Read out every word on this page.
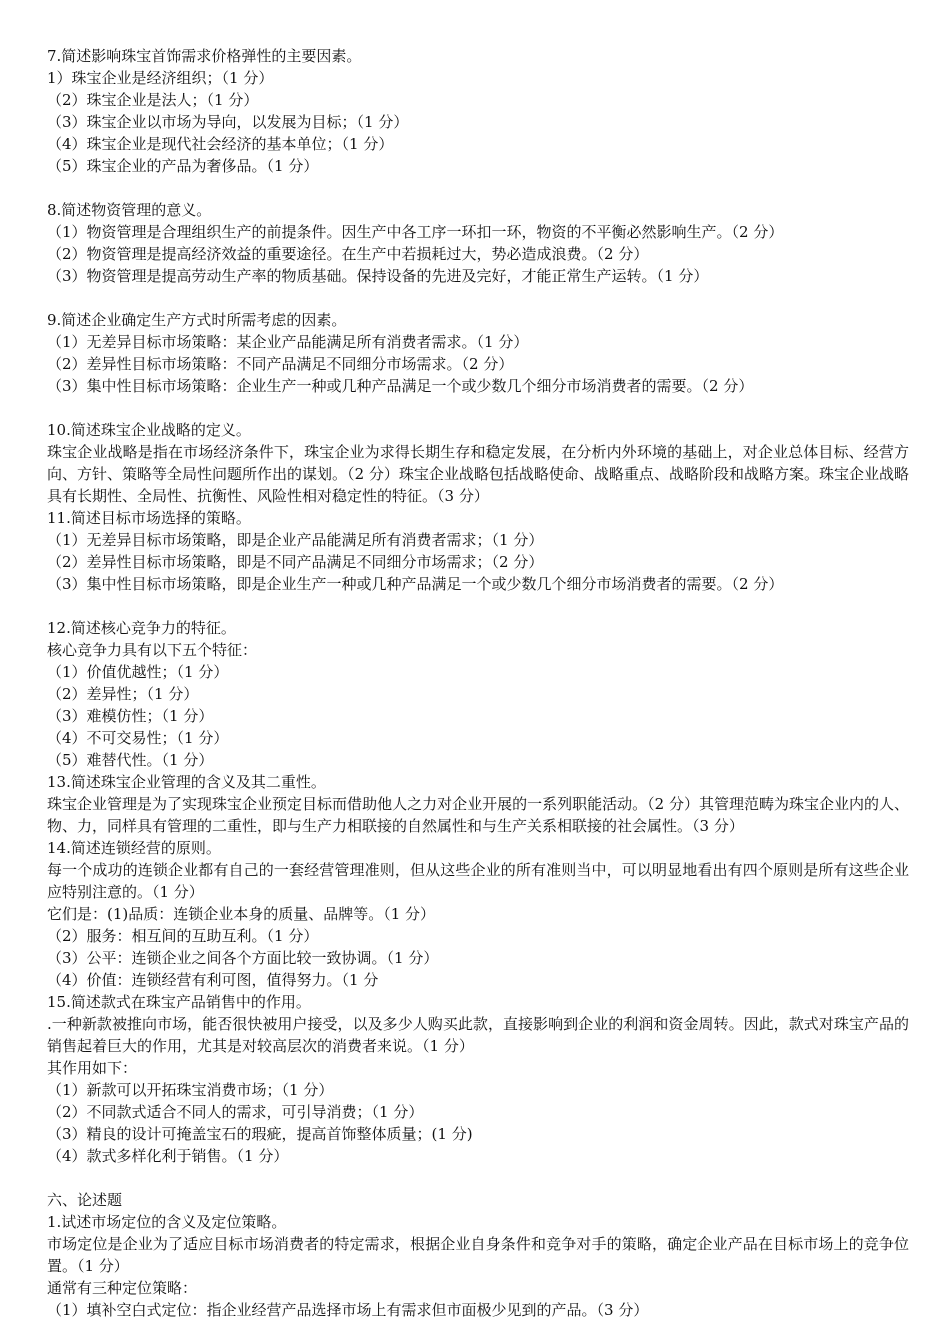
7.简述影响珠宝首饰需求价格弹性的主要因素。
1）珠宝企业是经济组织；（1 分）
（2）珠宝企业是法人；（1 分）
（3）珠宝企业以市场为导向，以发展为目标；（1 分）
（4）珠宝企业是现代社会经济的基本单位；（1 分）
（5）珠宝企业的产品为奢侈品。（1 分）
8.简述物资管理的意义。
（1）物资管理是合理组织生产的前提条件。因生产中各工序一环扣一环，物资的不平衡必然影响生产。（2 分）
（2）物资管理是提高经济效益的重要途径。在生产中若损耗过大，势必造成浪费。（2 分）
（3）物资管理是提高劳动生产率的物质基础。保持设备的先进及完好，才能正常生产运转。（1 分）
9.简述企业确定生产方式时所需考虑的因素。
（1）无差异目标市场策略：某企业产品能满足所有消费者需求。（1 分）
（2）差异性目标市场策略：不同产品满足不同细分市场需求。（2 分）
（3）集中性目标市场策略：企业生产一种或几种产品满足一个或少数几个细分市场消费者的需要。（2 分）
10.简述珠宝企业战略的定义。
珠宝企业战略是指在市场经济条件下，珠宝企业为求得长期生存和稳定发展，在分析内外环境的基础上，对企业总体目标、经营方向、方针、策略等全局性问题所作出的谋划。（2 分）珠宝企业战略包括战略使命、战略重点、战略阶段和战略方案。珠宝企业战略具有长期性、全局性、抗衡性、风险性相对稳定性的特征。（3 分）
11.简述目标市场选择的策略。
（1）无差异目标市场策略，即是企业产品能满足所有消费者需求；（1 分）
（2）差异性目标市场策略，即是不同产品满足不同细分市场需求；（2 分）
（3）集中性目标市场策略，即是企业生产一种或几种产品满足一个或少数几个细分市场消费者的需要。（2 分）
12.简述核心竞争力的特征。
核心竞争力具有以下五个特征：
（1）价值优越性；（1 分）
（2）差异性；（1 分）
（3）难模仿性；（1 分）
（4）不可交易性；（1 分）
（5）难替代性。（1 分）
13.简述珠宝企业管理的含义及其二重性。
珠宝企业管理是为了实现珠宝企业预定目标而借助他人之力对企业开展的一系列职能活动。（2 分）其管理范畴为珠宝企业内的人、物、力，同样具有管理的二重性，即与生产力相联接的自然属性和与生产关系相联接的社会属性。（3 分）
14.简述连锁经营的原则。
每一个成功的连锁企业都有自己的一套经营管理准则，但从这些企业的所有准则当中，可以明显地看出有四个原则是所有这些企业应特别注意的。（1 分）
它们是：(1)品质：连锁企业本身的质量、品牌等。（1 分）
（2）服务：相互间的互助互利。（1 分）
（3）公平：连锁企业之间各个方面比较一致协调。（1 分）
（4）价值：连锁经营有利可图，值得努力。（1 分
15.简述款式在珠宝产品销售中的作用。
.一种新款被推向市场，能否很快被用户接受，以及多少人购买此款，直接影响到企业的利润和资金周转。因此，款式对珠宝产品的销售起着巨大的作用，尤其是对较高层次的消费者来说。（1 分）
其作用如下：
（1）新款可以开拓珠宝消费市场；（1 分）
（2）不同款式适合不同人的需求，可引导消费；（1 分）
（3）精良的设计可掩盖宝石的瑕疵，提高首饰整体质量；(1 分)
（4）款式多样化利于销售。（1 分）
六、论述题
1.试述市场定位的含义及定位策略。
市场定位是企业为了适应目标市场消费者的特定需求，根据企业自身条件和竞争对手的策略，确定企业产品在目标市场上的竞争位置。（1 分）
通常有三种定位策略：
（1）填补空白式定位：指企业经营产品选择市场上有需求但市面极少见到的产品。（3 分）
